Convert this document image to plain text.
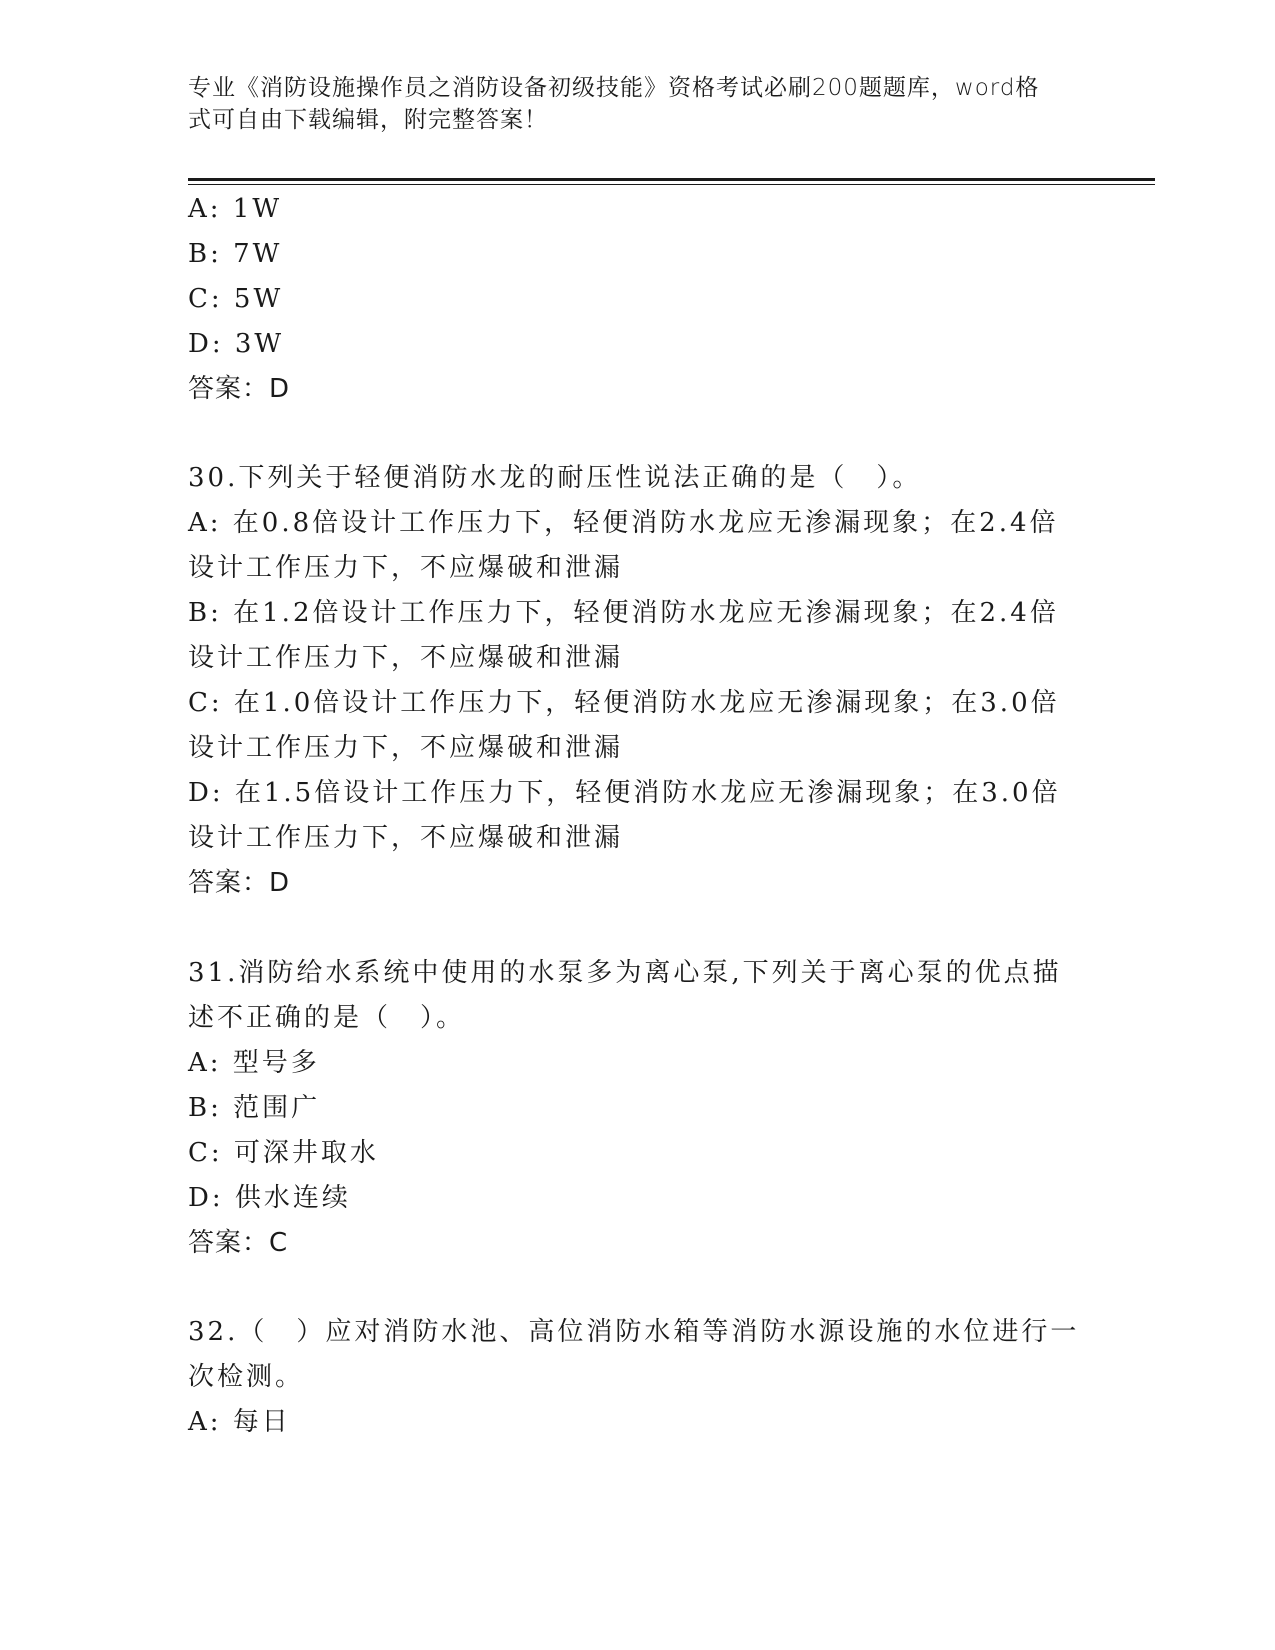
专业《消防设施操作员之消防设备初级技能》资格考试必刷200题题库，word格
式可自由下载编辑，附完整答案！
A: 1W
B: 7W
C: 5W
D: 3W
答案：D
30.下列关于轻便消防水龙的耐压性说法正确的是（　）。
A: 在0.8倍设计工作压力下，轻便消防水龙应无渗漏现象；在2.4倍
设计工作压力下，不应爆破和泄漏
B: 在1.2倍设计工作压力下，轻便消防水龙应无渗漏现象；在2.4倍
设计工作压力下，不应爆破和泄漏
C: 在1.0倍设计工作压力下，轻便消防水龙应无渗漏现象；在3.0倍
设计工作压力下，不应爆破和泄漏
D: 在1.5倍设计工作压力下，轻便消防水龙应无渗漏现象；在3.0倍
设计工作压力下，不应爆破和泄漏
答案：D
31.消防给水系统中使用的水泵多为离心泵,下列关于离心泵的优点描
述不正确的是（　）。
A: 型号多
B: 范围广
C: 可深井取水
D: 供水连续
答案：C
32.（　）应对消防水池、高位消防水箱等消防水源设施的水位进行一
次检测。
A: 每日
